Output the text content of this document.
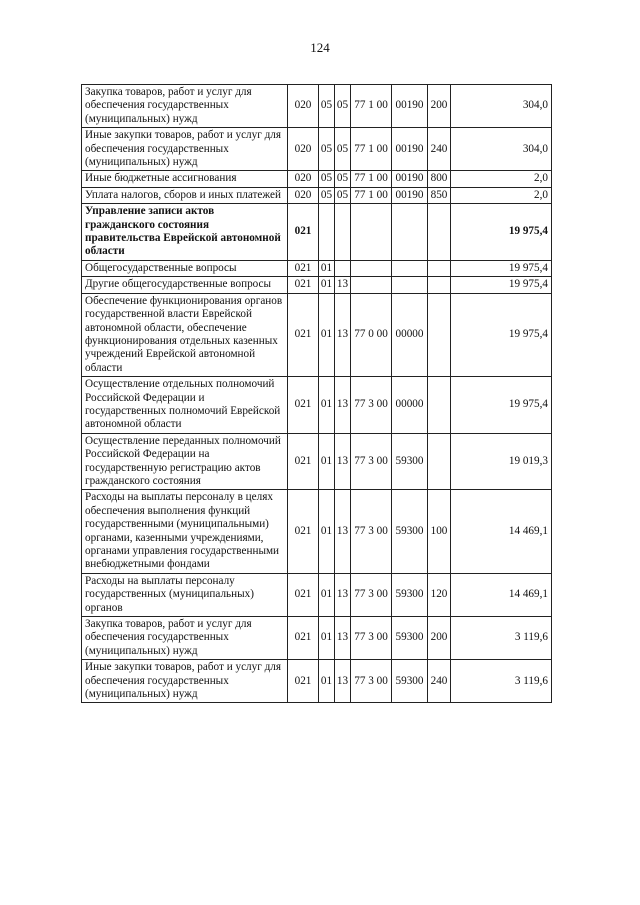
124
Закупка товаров, работ и услуг для обеспечения государственных (муниципальных) нужд	020	05	05	77 1 00	00190	200	304,0
Иные закупки товаров, работ и услуг для обеспечения государственных (муниципальных) нужд	020	05	05	77 1 00	00190	240	304,0
Иные бюджетные ассигнования	020	05	05	77 1 00	00190	800	2,0
Уплата налогов, сборов и иных платежей	020	05	05	77 1 00	00190	850	2,0
Управление записи актов гражданского состояния правительства Еврейской автономной области	021						19 975,4
Общегосударственные вопросы	021	01					19 975,4
Другие общегосударственные вопросы	021	01	13				19 975,4
Обеспечение функционирования органов государственной власти Еврейской автономной области, обеспечение функционирования отдельных казенных учреждений Еврейской автономной области	021	01	13	77 0 00	00000		19 975,4
Осуществление отдельных полномочий Российской Федерации и государственных полномочий Еврейской автономной области	021	01	13	77 3 00	00000		19 975,4
Осуществление переданных полномочий Российской Федерации на государственную регистрацию актов гражданского состояния	021	01	13	77 3 00	59300		19 019,3
Расходы на выплаты персоналу в целях обеспечения выполнения функций государственными (муниципальными) органами, казенными учреждениями, органами управления государственными внебюджетными фондами	021	01	13	77 3 00	59300	100	14 469,1
Расходы на выплаты персоналу государственных (муниципальных) органов	021	01	13	77 3 00	59300	120	14 469,1
Закупка товаров, работ и услуг для обеспечения государственных (муниципальных) нужд	021	01	13	77 3 00	59300	200	3 119,6
Иные закупки товаров, работ и услуг для обеспечения государственных (муниципальных) нужд	021	01	13	77 3 00	59300	240	3 119,6
